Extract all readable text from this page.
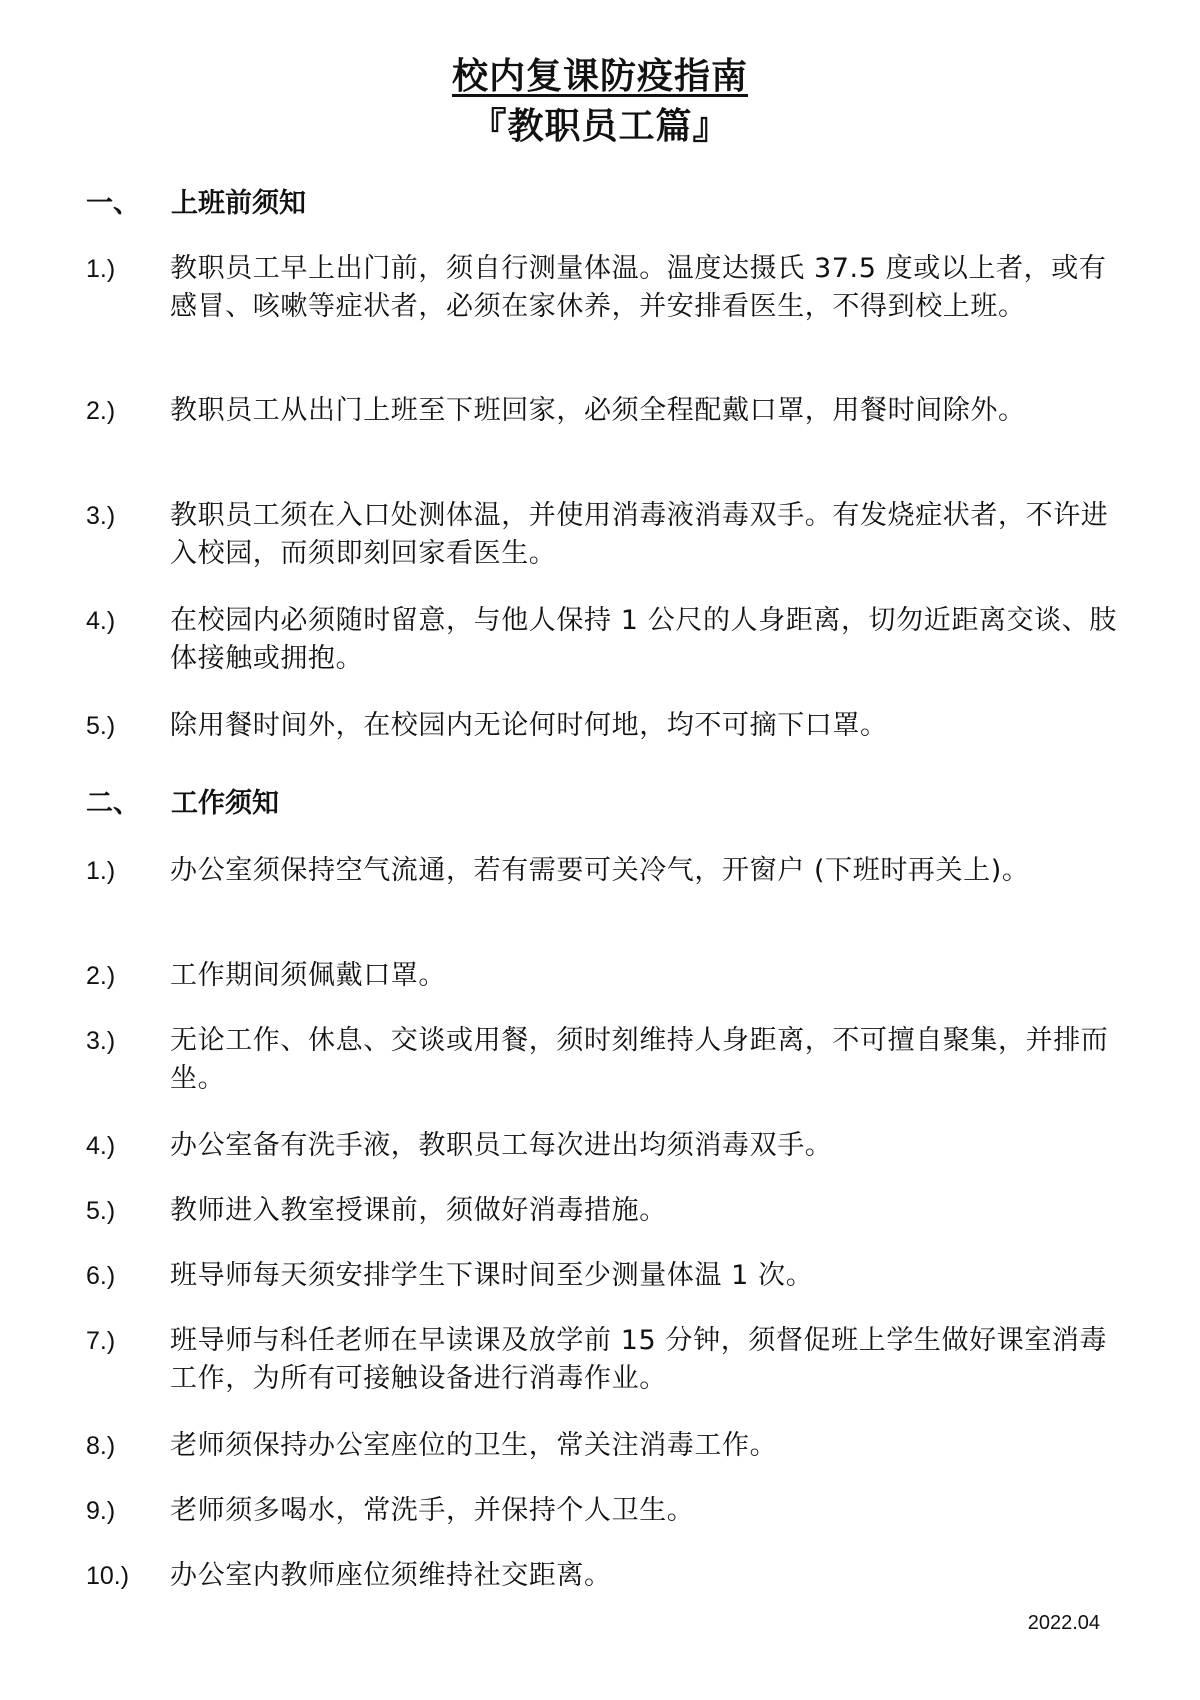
校内复课防疫指南
『教职员工篇』
一、	上班前须知
1.)	教职员工早上出门前，须自行测量体温。温度达摄氏 37.5 度或以上者，或有感冒、咳嗽等症状者，必须在家休养，并安排看医生，不得到校上班。
2.)	教职员工从出门上班至下班回家，必须全程配戴口罩，用餐时间除外。
3.)	教职员工须在入口处测体温，并使用消毒液消毒双手。有发烧症状者，不许进入校园，而须即刻回家看医生。
4.)	在校园内必须随时留意，与他人保持 1 公尺的人身距离，切勿近距离交谈、肢体接触或拥抱。
5.)	除用餐时间外，在校园内无论何时何地，均不可摘下口罩。
二、	工作须知
1.)	办公室须保持空气流通，若有需要可关冷气，开窗户 (下班时再关上)。
2.)	工作期间须佩戴口罩。
3.)	无论工作、休息、交谈或用餐，须时刻维持人身距离，不可擅自聚集，并排而坐。
4.)	办公室备有洗手液，教职员工每次进出均须消毒双手。
5.)	教师进入教室授课前，须做好消毒措施。
6.)	班导师每天须安排学生下课时间至少测量体温 1 次。
7.)	班导师与科任老师在早读课及放学前 15 分钟，须督促班上学生做好课室消毒工作，为所有可接触设备进行消毒作业。
8.)	老师须保持办公室座位的卫生，常关注消毒工作。
9.)	老师须多喝水，常洗手，并保持个人卫生。
10.)	办公室内教师座位须维持社交距离。
2022.04
